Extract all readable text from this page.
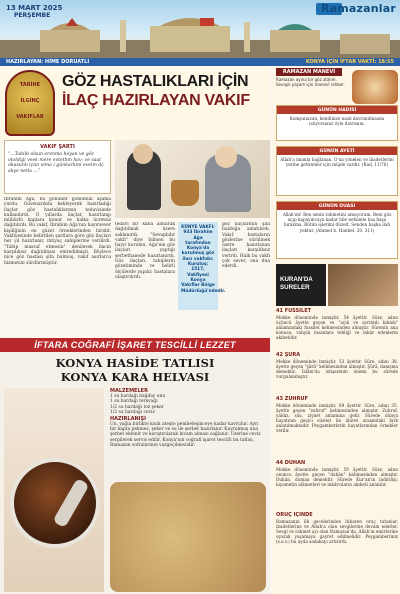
13 MART 2025
PERŞEMBE
Ramazanlar
HAZIRLAYAN: HİME DORUATLI	KONYA İÇİN İFTAR VAKTİ: 18:55
TARİHE
İLGİNÇ
VAKIFLAR
GÖZ HASTALIKLARI İÇİN
İLAÇ HAZIRLAYAN VAKIF
VAKIF ŞARTI
“...Tabiib olsun erenma heyan ve göz otoldiği veek mere evtethm hav; ve saat okusunlı içün ıema i günkarkini eveim dç akye netla ...”
İbrahim Ağa, bu gönüller gönlünün aşama yurdu. Güvenarıkda bekleyerek hazırladığı ilaçlar göz hastalıklarının tedavisinde kullanılırdı. O yıllarda ilaçlar, hazırlanıp mühürlü kaplara konur ve halka ücretsiz dağıtılırdı. Bu vakıf, İbrahim Ağa'nın hayırsever kişiliğinin en güzel örneklerinden biridir. Vakfiyesinde belirtilen şartlara göre göz ilaçları her yıl hazırlanır, ihtiyaç sahiplerine verilirdi. "Tabip masraf etmesin" denilerek ilacın karşılıksız dağıtılması emredilmişti. Böylece nice göz hastası şifa bulmuş, vakıf asırlarca hizmetini sürdürmüştür.
tedavi bir kaba alınarak dağıtılmak üzere saklanırdı. "Sevaplıdır vakfı" diye bilinen bu hayır kurumu, Ağa'nın göz ilaçları yaptığı şerbethanede hazırlanırdı. Göz ilaçları, tabiplerin gözetiminde ve belirli ölçülerde yapılır, hastalara ulaştırılırdı.
KÜNYE VAKFI: 933 İbrahim Ağa tarafından Konya'da kurulmuş göz ilacı vakfıdır. Kuruluş: 1517, Vakfiyesi Konya Vakıflar Bölge Müdürlüğü'ndedir.
göz ilaçlarının şifa bulduğu anlatılırdı. Vakıf, hastaların gözlerine sürülmek üzere hazırlanan ilaçları karşılıksız verirdi. Halk bu vakfı çok sever, ona dua ederdi.
RAMAZAN MANEVİ
Ramazan ayına bir göz atalım. Sevaplı yaşam için manevî rehber.
GÜNÜN HADİSİ
Komşunuzun, kendinize nasıl davranılmasını istiyorsanız öyle davranın.
GÜNÜN AYETİ
Allah'a imanla bağlanan, O'na yönelen ve ibadetlerini yerine getirenler için müjde vardır. (Rad, 11/76)
GÜNÜN DUASI
Allah'ım! Ben senin rahmetini umuyorum. Beni göz açıp kapayıncaya kadar bile nefsimle baş başa bırakma. Bütün işlerimi düzelt. Senden başka ilah yoktur. (Ahmed b. Hanbel, 20, 311)
KURAN'DA SURELER
41 FUSSILET
Mekke döneminde inmiştir. 54 âyettir. Sûre, adını üçüncü âyette geçen ve "açık ve ayrıntılı kılındı" anlamındaki fussilet kelimesinden almıştır. Sûrenin ana konusu, vahyin insanlara tebliği ve inkâr edenlerin akıbetidir.
42 ŞÛRÂ
Mekke döneminde inmiştir. 53 âyettir. Sûre, adını 38. âyette geçen "şûrâ" kelimesinden almıştır. Şûrâ, danışma demektir. İslâm'da istişarenin önemi bu sûrede vurgulanmıştır.
43 ZUHRUF
Mekke döneminde inmiştir. 89 âyettir. Sûre, adını 35. âyette geçen "zuhruf" kelimesinden almıştır. Zuhruf, yaldız, süs, ziynet anlamına gelir. Sûrede dünya hayatının geçici süsleri ile âhiret arasındaki fark anlatılmaktadır. Peygamberlerin hayatlarından örnekler verilir.
44 DUHÂN
Mekke döneminde inmiştir. 59 âyettir. Sûre, adını onuncu âyette geçen "duhân" kelimesinden almıştır. Duhân, duman demektir. Sûrede Kur'an'ın indirilişi, kıyametin alâmetleri ve inkârcıların akıbeti anlatılır.
ORUÇ İÇİNDE
Ramazanın ilk gecelerinden itibaren oruç tutanlar, ibadetlerine ve Allah'a olan sevgilerine devam ederler. Sevgi ve rahmet ayı olan Ramazan'da, Allah'ın emirlerine uyarak yaşamaya gayret edilmelidir. Peygamberimiz (s.a.v.) bu ayda sadakayı artırırdı.
İFTARA COĞRAFİ İŞARET TESCİLLİ LEZZET
KONYA HASİDE TATLISI
KONYA KARA HELVASI
MALZEMELER
1 su bardağı bağday unu
1 su bardağı tereyağı
1/2 su bardağı toz şeker
1/2 su bardağı ceviz
HAZIRLANIŞI
Un, yağla birlikte kısık ateşte pembeleşinceye kadar kavrulur. Ayrı bir kapta pekmez, şeker ve su ile şerbet hazırlanır. Kavrulmuş una şerbet eklenir ve karıştırılarak kıvam alması sağlanır. Üzerine ceviz serpilerek servis edilir. Konya'nın coğrafi işaret tescilli bu tatlısı, Ramazan sofralarının vazgeçilmezidir.
